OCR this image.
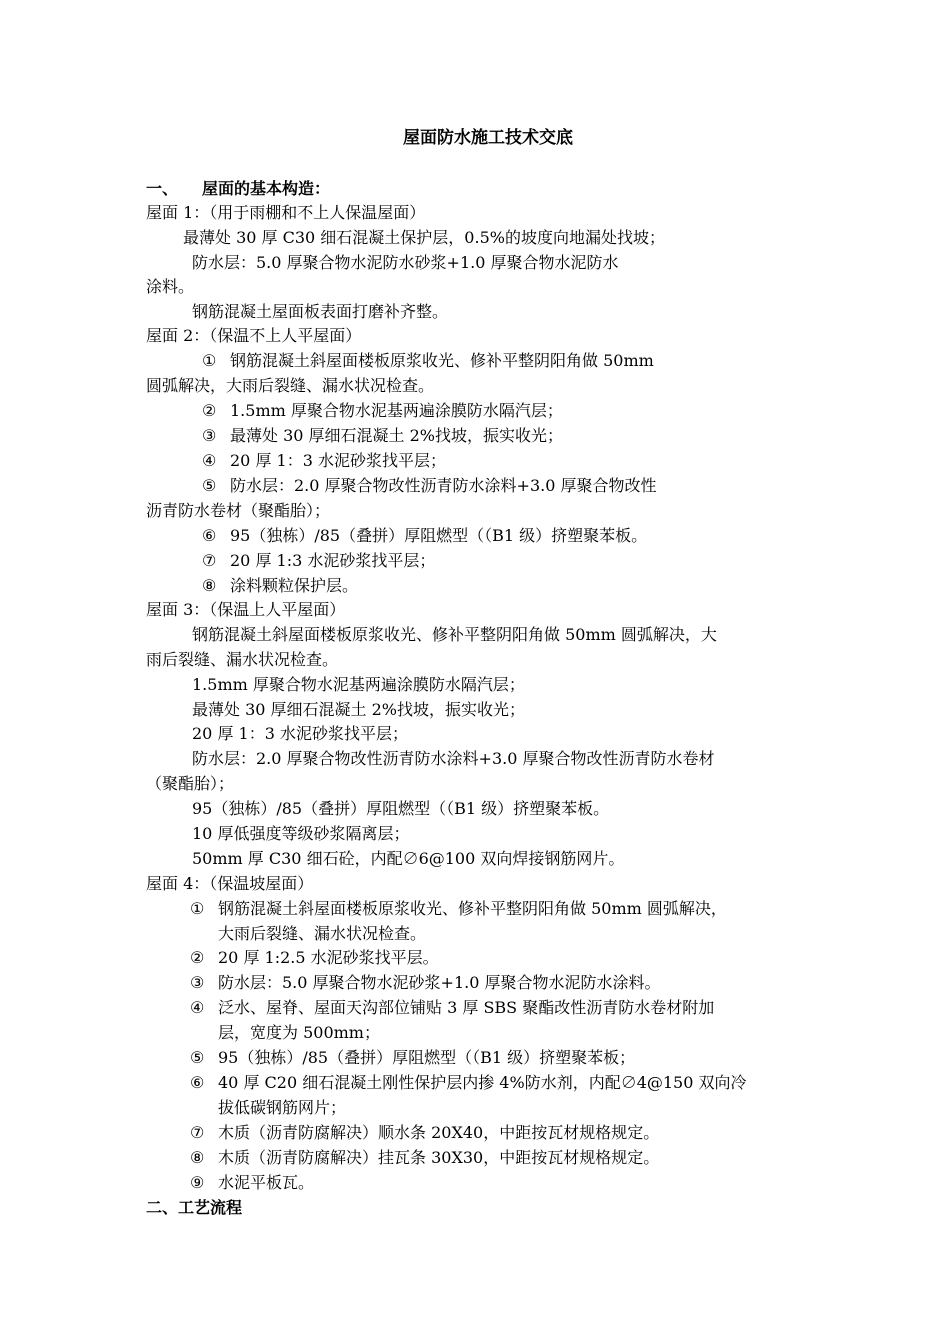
屋面防水施工技术交底
一、 屋面的基本构造：
屋面 1：（用于雨棚和不上人保温屋面）
最薄处 30 厚 C30 细石混凝土保护层，0.5%的坡度向地漏处找坡；
防水层：5.0 厚聚合物水泥防水砂浆+1.0 厚聚合物水泥防水
涂料。
钢筋混凝土屋面板表面打磨补齐整。
屋面 2：（保温不上人平屋面）
① 钢筋混凝土斜屋面楼板原浆收光、修补平整阴阳角做 50mm
圆弧解决，大雨后裂缝、漏水状况检查。
② 1.5mm 厚聚合物水泥基两遍涂膜防水隔汽层；
③ 最薄处 30 厚细石混凝土 2%找坡，振实收光；
④ 20 厚 1：3 水泥砂浆找平层；
⑤ 防水层：2.0 厚聚合物改性沥青防水涂料+3.0 厚聚合物改性
沥青防水卷材（聚酯胎）；
⑥ 95（独栋）/85（叠拼）厚阻燃型（（B1 级）挤塑聚苯板。
⑦ 20 厚 1:3 水泥砂浆找平层；
⑧ 涂料颗粒保护层。
屋面 3：（保温上人平屋面）
钢筋混凝土斜屋面楼板原浆收光、修补平整阴阳角做 50mm 圆弧解决，大
雨后裂缝、漏水状况检查。
1.5mm 厚聚合物水泥基两遍涂膜防水隔汽层；
最薄处 30 厚细石混凝土 2%找坡，振实收光；
20 厚 1：3 水泥砂浆找平层；
防水层：2.0 厚聚合物改性沥青防水涂料+3.0 厚聚合物改性沥青防水卷材
（聚酯胎）；
95（独栋）/85（叠拼）厚阻燃型（（B1 级）挤塑聚苯板。
10 厚低强度等级砂浆隔离层；
50mm 厚 C30 细石砼，内配∅6@100 双向焊接钢筋网片。
屋面 4：（保温坡屋面）
① 钢筋混凝土斜屋面楼板原浆收光、修补平整阴阳角做 50mm 圆弧解决，
大雨后裂缝、漏水状况检查。
② 20 厚 1:2.5 水泥砂浆找平层。
③ 防水层：5.0 厚聚合物水泥砂浆+1.0 厚聚合物水泥防水涂料。
④ 泛水、屋脊、屋面天沟部位铺贴 3 厚 SBS 聚酯改性沥青防水卷材附加
层，宽度为 500mm；
⑤ 95（独栋）/85（叠拼）厚阻燃型（（B1 级）挤塑聚苯板；
⑥ 40 厚 C20 细石混凝土刚性保护层内掺 4%防水剂，内配∅4@150 双向冷
拔低碳钢筋网片；
⑦ 木质（沥青防腐解决）顺水条 20X40，中距按瓦材规格规定。
⑧ 木质（沥青防腐解决）挂瓦条 30X30，中距按瓦材规格规定。
⑨ 水泥平板瓦。
二、工艺流程
